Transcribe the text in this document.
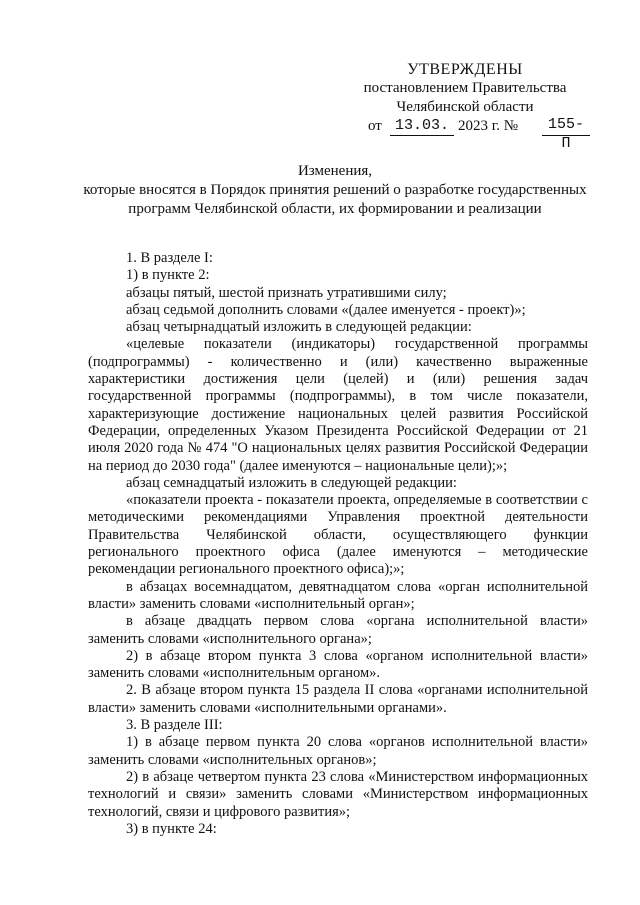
УТВЕРЖДЕНЫ
постановлением Правительства
Челябинской области
от 13.03. 2023 г. № 155-П
Изменения,
которые вносятся в Порядок принятия решений о разработке государственных
программ Челябинской области, их формировании и реализации

1. В разделе I:

1) в пункте 2:

абзацы пятый, шестой признать утратившими силу;

абзац седьмой дополнить словами «(далее именуется - проект)»;

абзац четырнадцатый изложить в следующей редакции:

«целевые показатели (индикаторы) государственной программы (подпрограммы) - количественно и (или) качественно выраженные характеристики достижения цели (целей) и (или) решения задач государственной программы (подпрограммы), в том числе показатели, характеризующие достижение национальных целей развития Российской Федерации, определенных Указом Президента Российской Федерации от 21 июля 2020 года № 474 "О национальных целях развития Российской Федерации на период до 2030 года" (далее именуются – национальные цели);»;

абзац семнадцатый изложить в следующей редакции:

«показатели проекта - показатели проекта, определяемые в соответствии с методическими рекомендациями Управления проектной деятельности Правительства Челябинской области, осуществляющего функции регионального проектного офиса (далее именуются – методические рекомендации регионального проектного офиса);»;

в абзацах восемнадцатом, девятнадцатом слова «орган исполнительной власти» заменить словами «исполнительный орган»;

в абзаце двадцать первом слова «органа исполнительной власти» заменить словами «исполнительного органа»;

2) в абзаце втором пункта 3 слова «органом исполнительной власти» заменить словами «исполнительным органом».

2. В абзаце втором пункта 15 раздела II слова «органами исполнительной власти» заменить словами «исполнительными органами».

3. В разделе III:

1) в абзаце первом пункта 20 слова «органов исполнительной власти» заменить словами «исполнительных органов»;

2) в абзаце четвертом пункта 23 слова «Министерством информационных технологий и связи» заменить словами «Министерством информационных технологий, связи и цифрового развития»;

3) в пункте 24:
